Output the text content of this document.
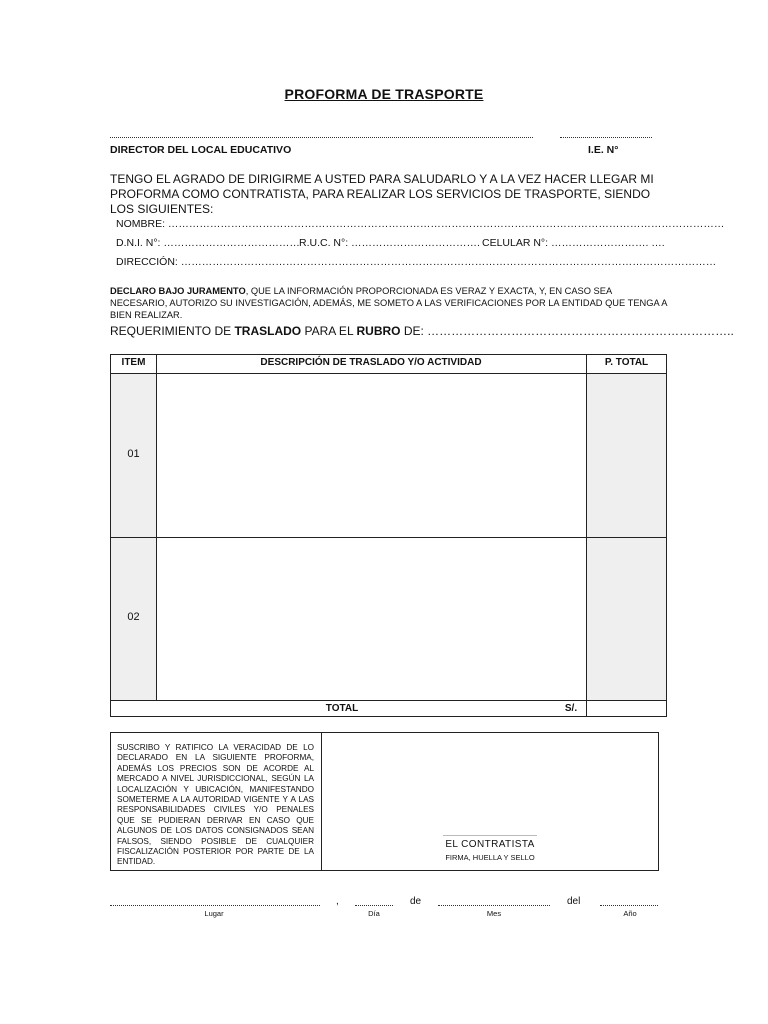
PROFORMA DE TRASPORTE
DIRECTOR DEL LOCAL EDUCATIVO	I.E. N°
TENGO EL AGRADO DE DIRIGIRME A USTED PARA SALUDARLO Y A LA VEZ HACER LLEGAR MI PROFORMA COMO CONTRATISTA, PARA REALIZAR LOS SERVICIOS DE TRASPORTE, SIENDO LOS SIGUIENTES:
NOMBRE: ……………………………………………………………………………………………………………………………………………
D.N.I. N°: ………………………………… R.U.C. N°: ………………………………. CELULAR N°: ………………………. ….
DIRECCIÓN: ………………………………………………………………………………………………………………………………………
DECLARO BAJO JURAMENTO, QUE LA INFORMACIÓN PROPORCIONADA ES VERAZ Y EXACTA, Y, EN CASO SEA NECESARIO, AUTORIZO SU INVESTIGACIÓN, ADEMÁS, ME SOMETO A LAS VERIFICACIONES POR LA ENTIDAD QUE TENGA A BIEN REALIZAR.
REQUERIMIENTO DE TRASLADO PARA EL RUBRO DE: …………………………………………………………………..
ITEM	DESCRIPCIÓN DE TRASLADO Y/O ACTIVIDAD	P. TOTAL
01
02
TOTAL	S/.
SUSCRIBO Y RATIFICO LA VERACIDAD DE LO DECLARADO EN LA SIGUIENTE PROFORMA, ADEMÁS LOS PRECIOS SON DE ACORDE AL MERCADO A NIVEL JURISDICCIONAL, SEGÚN LA LOCALIZACIÓN Y UBICACIÓN, MANIFESTANDO SOMETERME A LA AUTORIDAD VIGENTE Y A LAS RESPONSABILIDADES CIVILES Y/O PENALES QUE SE PUDIERAN DERIVAR EN CASO QUE ALGUNOS DE LOS DATOS CONSIGNADOS SEAN FALSOS, SIENDO POSIBLE DE CUALQUIER FISCALIZACIÓN POSTERIOR POR PARTE DE LA ENTIDAD.
EL CONTRATISTA
FIRMA, HUELLA Y SELLO
,	de	del
Lugar	Día	Mes	Año
